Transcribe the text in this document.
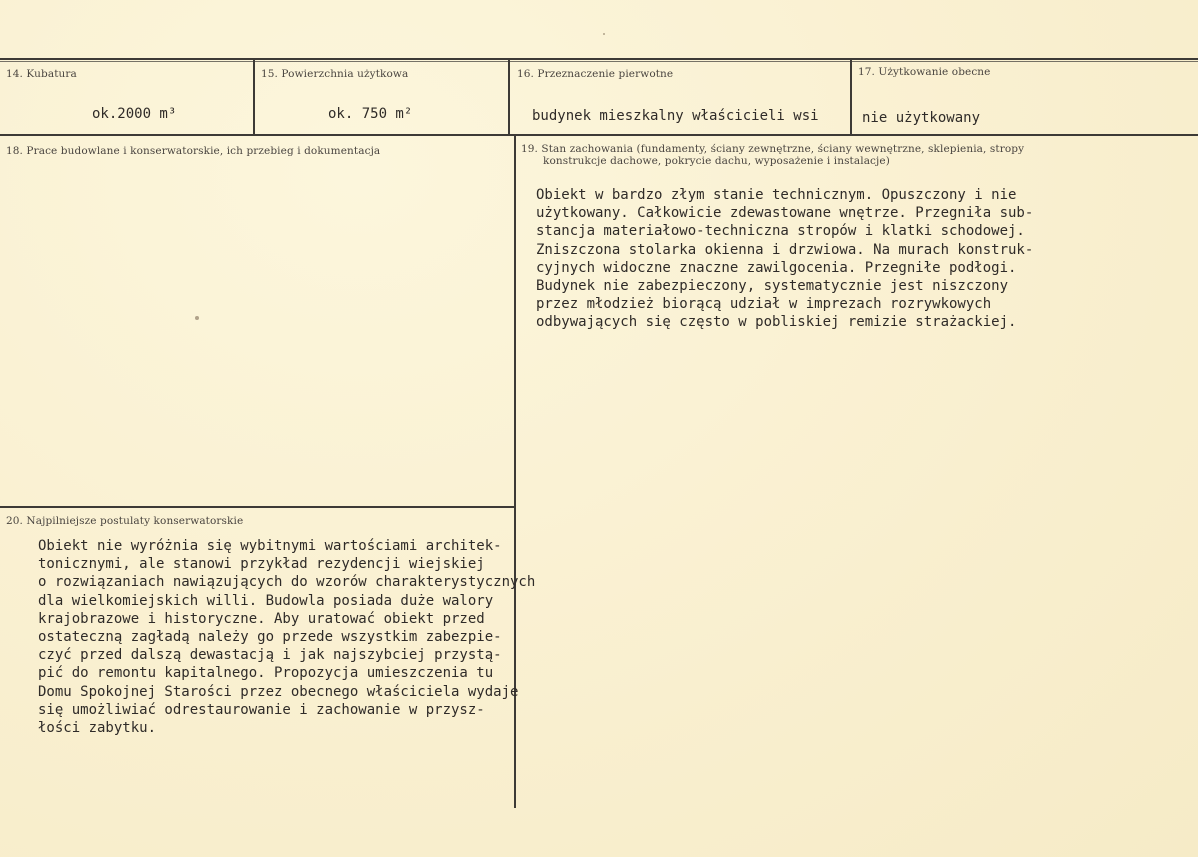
14. Kubatura
ok.2000 m³
15. Powierzchnia użytkowa
ok. 750 m²
16. Przeznaczenie pierwotne
budynek mieszkalny właścicieli wsi
17. Użytkowanie obecne
nie użytkowany
18. Prace budowlane i konserwatorskie, ich przebieg i dokumentacja	19. Stan zachowania (fundamenty, ściany zewnętrzne, ściany wewnętrzne, sklepienia, stropy
konstrukcje dachowe, pokrycie dachu, wyposażenie i instalacje)
Obiekt w bardzo złym stanie technicznym. Opuszczony i nie
użytkowany. Całkowicie zdewastowane wnętrze. Przegniła sub-
stancja materiałowo-techniczna stropów i klatki schodowej.
Zniszczona stolarka okienna i drzwiowa. Na murach konstruk-
cyjnych widoczne znaczne zawilgocenia. Przegniłe podłogi.
Budynek nie zabezpieczony, systematycznie jest niszczony
przez młodzież biorącą udział w imprezach rozrywkowych
odbywających się często w pobliskiej remizie strażackiej.
20. Najpilniejsze postulaty konserwatorskie
Obiekt nie wyróżnia się wybitnymi wartościami architek-
tonicznymi, ale stanowi przykład rezydencji wiejskiej
o rozwiązaniach nawiązujących do wzorów charakterystycznych
dla wielkomiejskich willi. Budowla posiada duże walory
krajobrazowe i historyczne. Aby uratować obiekt przed
ostateczną zagładą należy go przede wszystkim zabezpie-
czyć przed dalszą dewastacją i jak najszybciej przystą-
pić do remontu kapitalnego. Propozycja umieszczenia tu
Domu Spokojnej Starości przez obecnego właściciela wydaje
się umożliwiać odrestaurowanie i zachowanie w przysz-
łości zabytku.
